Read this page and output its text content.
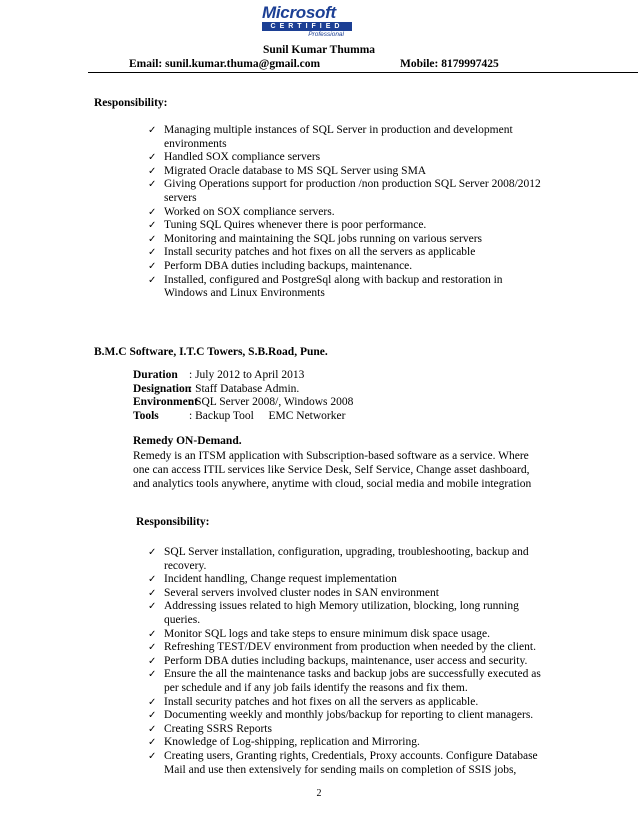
Microsoft
CERTIFIED
Professional
Sunil Kumar Thumma
Email: sunil.kumar.thuma@gmail.com	Mobile: 8179997425
Responsibility:
✓ Managing multiple instances of SQL Server in production and development environments
✓ Handled SOX compliance servers
✓ Migrated Oracle database to MS SQL Server using SMA
✓ Giving Operations support for production /non production SQL Server 2008/2012 servers
✓ Worked on SOX compliance servers.
✓ Tuning SQL Quires whenever there is poor performance.
✓ Monitoring and maintaining the SQL jobs running on various servers
✓ Install security patches and hot fixes on all the servers as applicable
✓ Perform DBA duties including backups, maintenance.
✓ Installed, configured and PostgreSql along with backup and restoration in Windows and Linux Environments
B.M.C Software, I.T.C Towers, S.B.Road, Pune.
Duration : July 2012 to April 2013
Designation
: Staff Database Admin.
Environment
: SQL Server 2008/, Windows 2008
Tools	: Backup Tool EMC Networker
Remedy ON-Demand.
Remedy is an ITSM application with Subscription-based software as a service. Where one can access ITIL services like Service Desk, Self Service, Change asset dashboard, and analytics tools anywhere, anytime with cloud, social media and mobile integration
Responsibility:
✓ SQL Server installation, configuration, upgrading, troubleshooting, backup and recovery.
✓ Incident handling, Change request implementation
✓ Several servers involved cluster nodes in SAN environment
✓ Addressing issues related to high Memory utilization, blocking, long running queries.
✓ Monitor SQL logs and take steps to ensure minimum disk space usage.
✓ Refreshing TEST/DEV environment from production when needed by the client.
✓ Perform DBA duties including backups, maintenance, user access and security.
✓ Ensure the all the maintenance tasks and backup jobs are successfully executed as per schedule and if any job fails identify the reasons and fix them.
✓ Install security patches and hot fixes on all the servers as applicable.
✓ Documenting weekly and monthly jobs/backup for reporting to client managers.
✓ Creating SSRS Reports
✓ Knowledge of Log-shipping, replication and Mirroring.
✓ Creating users, Granting rights, Credentials, Proxy accounts. Configure Database Mail and use then extensively for sending mails on completion of SSIS jobs,
2
